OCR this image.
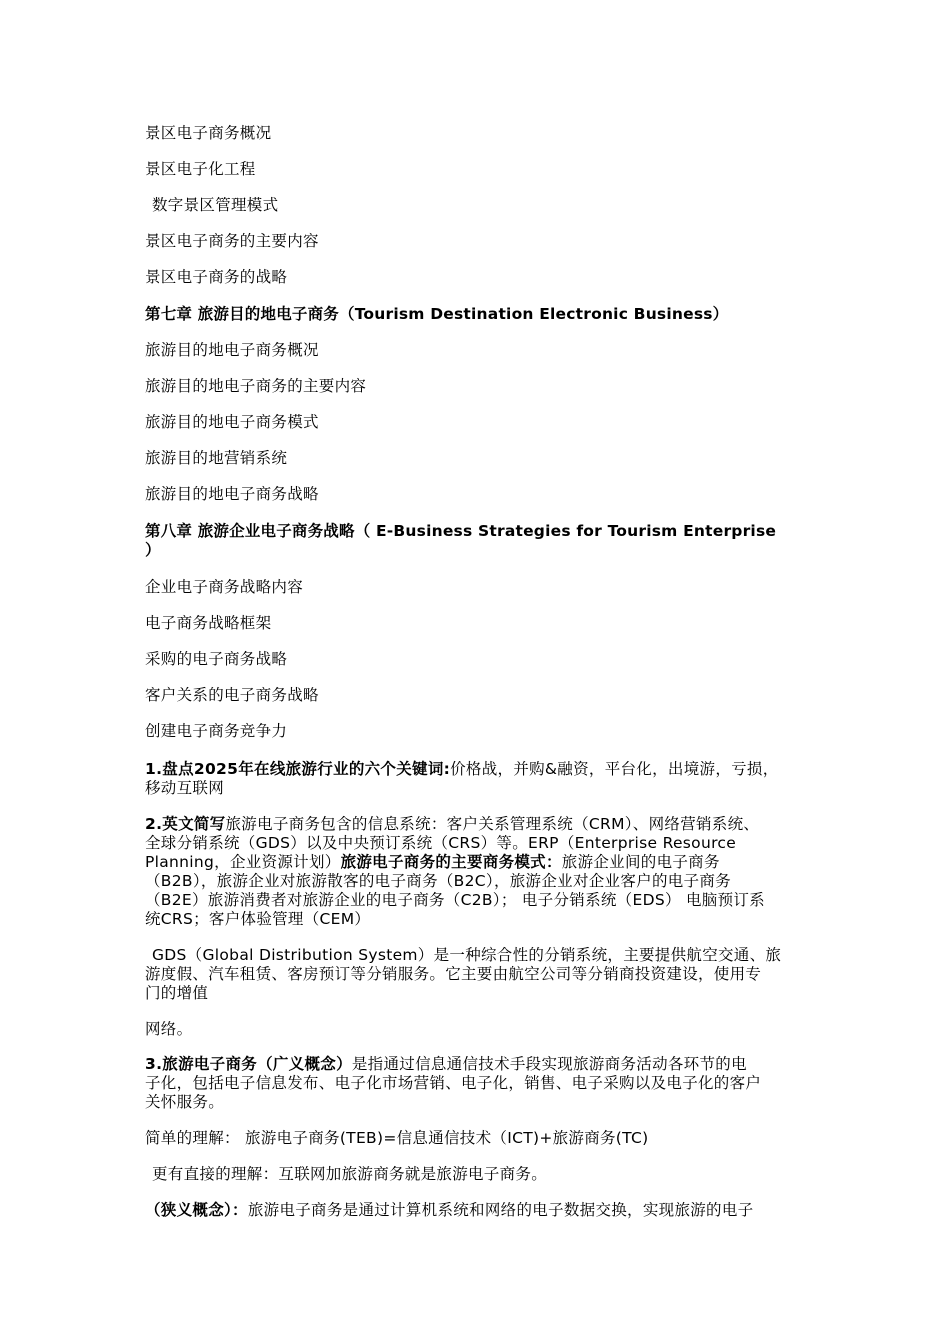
景区电子商务概况
景区电子化工程
数字景区管理模式
景区电子商务的主要内容
景区电子商务的战略
第七章 旅游目的地电子商务（Tourism Destination Electronic Business）
旅游目的地电子商务概况
旅游目的地电子商务的主要内容
旅游目的地电子商务模式
旅游目的地营销系统
旅游目的地电子商务战略
第八章 旅游企业电子商务战略（ E-Business Strategies for Tourism Enterprise
）
企业电子商务战略内容
电子商务战略框架
采购的电子商务战略
客户关系的电子商务战略
创建电子商务竞争力
1.盘点2025年在线旅游行业的六个关键词:价格战，并购&融资，平台化，出境游，亏损，
移动互联网
2.英文简写旅游电子商务包含的信息系统：客户关系管理系统（CRM）、网络营销系统、
全球分销系统（GDS）以及中央预订系统（CRS）等。ERP（Enterprise Resource
Planning，企业资源计划）旅游电子商务的主要商务模式：旅游企业间的电子商务
（B2B），旅游企业对旅游散客的电子商务（B2C），旅游企业对企业客户的电子商务
（B2E）旅游消费者对旅游企业的电子商务（C2B）； 电子分销系统（EDS） 电脑预订系
统CRS；客户体验管理（CEM）
GDS（Global Distribution System）是一种综合性的分销系统，主要提供航空交通、旅
游度假、汽车租赁、客房预订等分销服务。它主要由航空公司等分销商投资建设，使用专
门的增值
网络。
3.旅游电子商务（广义概念）是指通过信息通信技术手段实现旅游商务活动各环节的电
子化，包括电子信息发布、电子化市场营销、电子化，销售、电子采购以及电子化的客户
关怀服务。
简单的理解： 旅游电子商务(TEB)=信息通信技术（ICT)+旅游商务(TC)
更有直接的理解：互联网加旅游商务就是旅游电子商务。
（狭义概念）：旅游电子商务是通过计算机系统和网络的电子数据交换，实现旅游的电子
